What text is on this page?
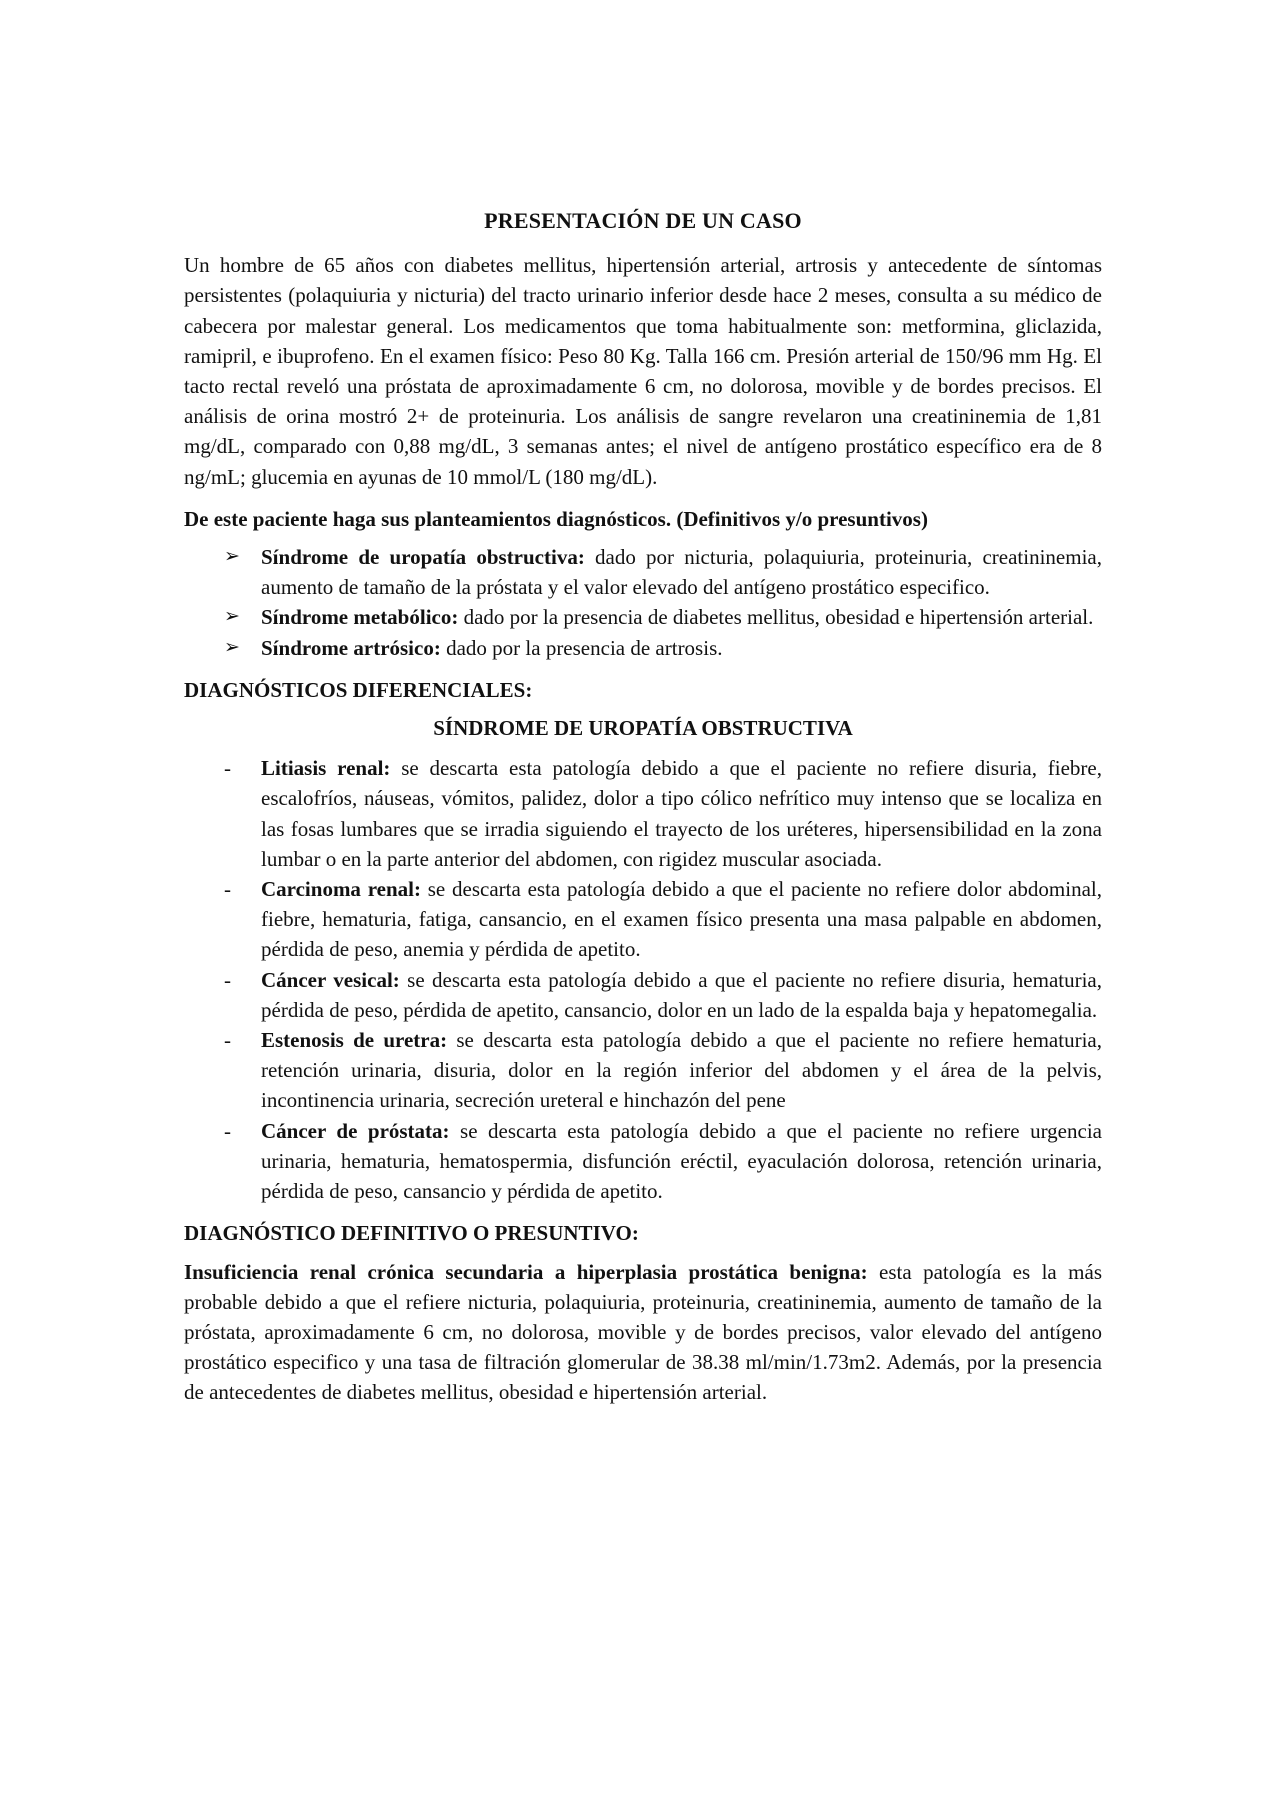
PRESENTACIÓN DE UN CASO

Un hombre de 65 años con diabetes mellitus, hipertensión arterial, artrosis y antecedente de síntomas persistentes (polaquiuria y nicturia) del tracto urinario inferior desde hace 2 meses, consulta a su médico de cabecera por malestar general. Los medicamentos que toma habitualmente son: metformina, gliclazida, ramipril, e ibuprofeno. En el examen físico: Peso 80 Kg. Talla 166 cm. Presión arterial de 150/96 mm Hg. El tacto rectal reveló una próstata de aproximadamente 6 cm, no dolorosa, movible y de bordes precisos. El análisis de orina mostró 2+ de proteinuria. Los análisis de sangre revelaron una creatininemia de 1,81 mg/dL, comparado con 0,88 mg/dL, 3 semanas antes; el nivel de antígeno prostático específico era de 8 ng/mL; glucemia en ayunas de 10 mmol/L (180 mg/dL).

De este paciente haga sus planteamientos diagnósticos. (Definitivos y/o presuntivos)

➢ Síndrome de uropatía obstructiva: dado por nicturia, polaquiuria, proteinuria, creatininemia, aumento de tamaño de la próstata y el valor elevado del antígeno prostático especifico.
➢ Síndrome metabólico: dado por la presencia de diabetes mellitus, obesidad e hipertensión arterial.
➢ Síndrome artrósico: dado por la presencia de artrosis.

DIAGNÓSTICOS DIFERENCIALES:

SÍNDROME DE UROPATÍA OBSTRUCTIVA

- Litiasis renal: se descarta esta patología debido a que el paciente no refiere disuria, fiebre, escalofríos, náuseas, vómitos, palidez, dolor a tipo cólico nefrítico muy intenso que se localiza en las fosas lumbares que se irradia siguiendo el trayecto de los uréteres, hipersensibilidad en la zona lumbar o en la parte anterior del abdomen, con rigidez muscular asociada.
- Carcinoma renal: se descarta esta patología debido a que el paciente no refiere dolor abdominal, fiebre, hematuria, fatiga, cansancio, en el examen físico presenta una masa palpable en abdomen, pérdida de peso, anemia y pérdida de apetito.
- Cáncer vesical: se descarta esta patología debido a que el paciente no refiere disuria, hematuria, pérdida de peso, pérdida de apetito, cansancio, dolor en un lado de la espalda baja y hepatomegalia.
- Estenosis de uretra: se descarta esta patología debido a que el paciente no refiere hematuria, retención urinaria, disuria, dolor en la región inferior del abdomen y el área de la pelvis, incontinencia urinaria, secreción ureteral e hinchazón del pene
- Cáncer de próstata: se descarta esta patología debido a que el paciente no refiere urgencia urinaria, hematuria, hematospermia, disfunción eréctil, eyaculación dolorosa, retención urinaria, pérdida de peso, cansancio y pérdida de apetito.

DIAGNÓSTICO DEFINITIVO O PRESUNTIVO:

Insuficiencia renal crónica secundaria a hiperplasia prostática benigna: esta patología es la más probable debido a que el refiere nicturia, polaquiuria, proteinuria, creatininemia, aumento de tamaño de la próstata, aproximadamente 6 cm, no dolorosa, movible y de bordes precisos, valor elevado del antígeno prostático especifico y una tasa de filtración glomerular de 38.38 ml/min/1.73m2. Además, por la presencia de antecedentes de diabetes mellitus, obesidad e hipertensión arterial.
